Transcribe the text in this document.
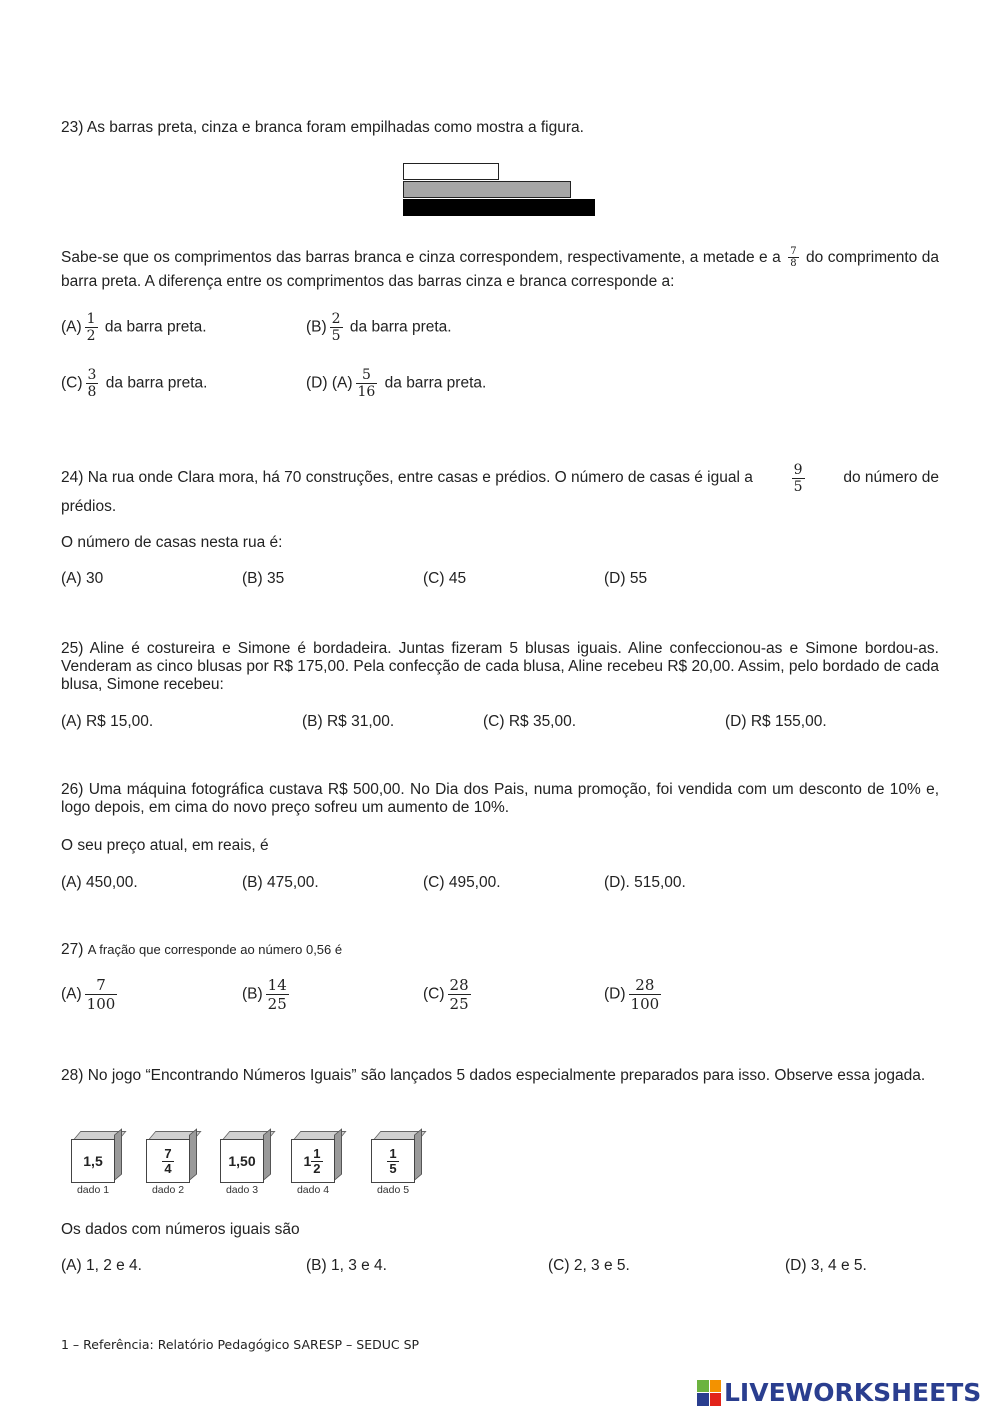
23) As barras preta, cinza e branca foram empilhadas como mostra a figura.
Sabe-se que os comprimentos das barras branca e cinza correspondem, respectivamente, a metade e a $\frac{7}{8}$ do comprimento da barra preta. A diferença entre os comprimentos das barras cinza e branca corresponde a:
$(A) \frac{1}{2}$ da barra preta.	$(B) \frac{2}{5}$ da barra preta.
$(C) \frac{3}{8}$ da barra preta.	(D) $(A) \frac{5}{16}$ da barra preta.
24) Na rua onde Clara mora, há 70 construções, entre casas e prédios. O número de casas é igual a	$\frac{9}{5}$	do número de
prédios.
O número de casas nesta rua é:
(A) 30	(B) 35	(C) 45	(D) 55
25) Aline é costureira e Simone é bordadeira. Juntas fizeram 5 blusas iguais. Aline confeccionou-as e Simone bordou-as. Venderam as cinco blusas por R$ 175,00. Pela confecção de cada blusa, Aline recebeu R$ 20,00. Assim, pelo bordado de cada blusa, Simone recebeu:
(A) R$ 15,00.	(B) R$ 31,00.	(C) R$ 35,00.	(D) R$ 155,00.
26) Uma máquina fotográfica custava R$ 500,00. No Dia dos Pais, numa promoção, foi vendida com um desconto de 10% e, logo depois, em cima do novo preço sofreu um aumento de 10%.
O seu preço atual, em reais, é
(A) 450,00.	(B) 475,00.	(C) 495,00.	(D). 515,00.
27) A fração que corresponde ao número 0,56 é
$(A) \frac{7}{100}$	$(B) \frac{14}{25}$	$(C) \frac{28}{25}$	$(D) \frac{28}{100}$
28) No jogo “Encontrando Números Iguais” são lançados 5 dados especialmente preparados para isso. Observe essa jogada.
1,5
dado 1
$\frac{7}{4}$
dado 2
1,50
dado 3
$1 \frac{1}{2}$
dado 4
$\frac{1}{5}$
dado 5
Os dados com números iguais são
(A) 1, 2 e 4.	(B) 1, 3 e 4.	(C) 2, 3 e 5.	(D) 3, 4 e 5.
1 – Referência: Relatório Pedagógico SARESP – SEDUC SP
LIVEWORKSHEETS
